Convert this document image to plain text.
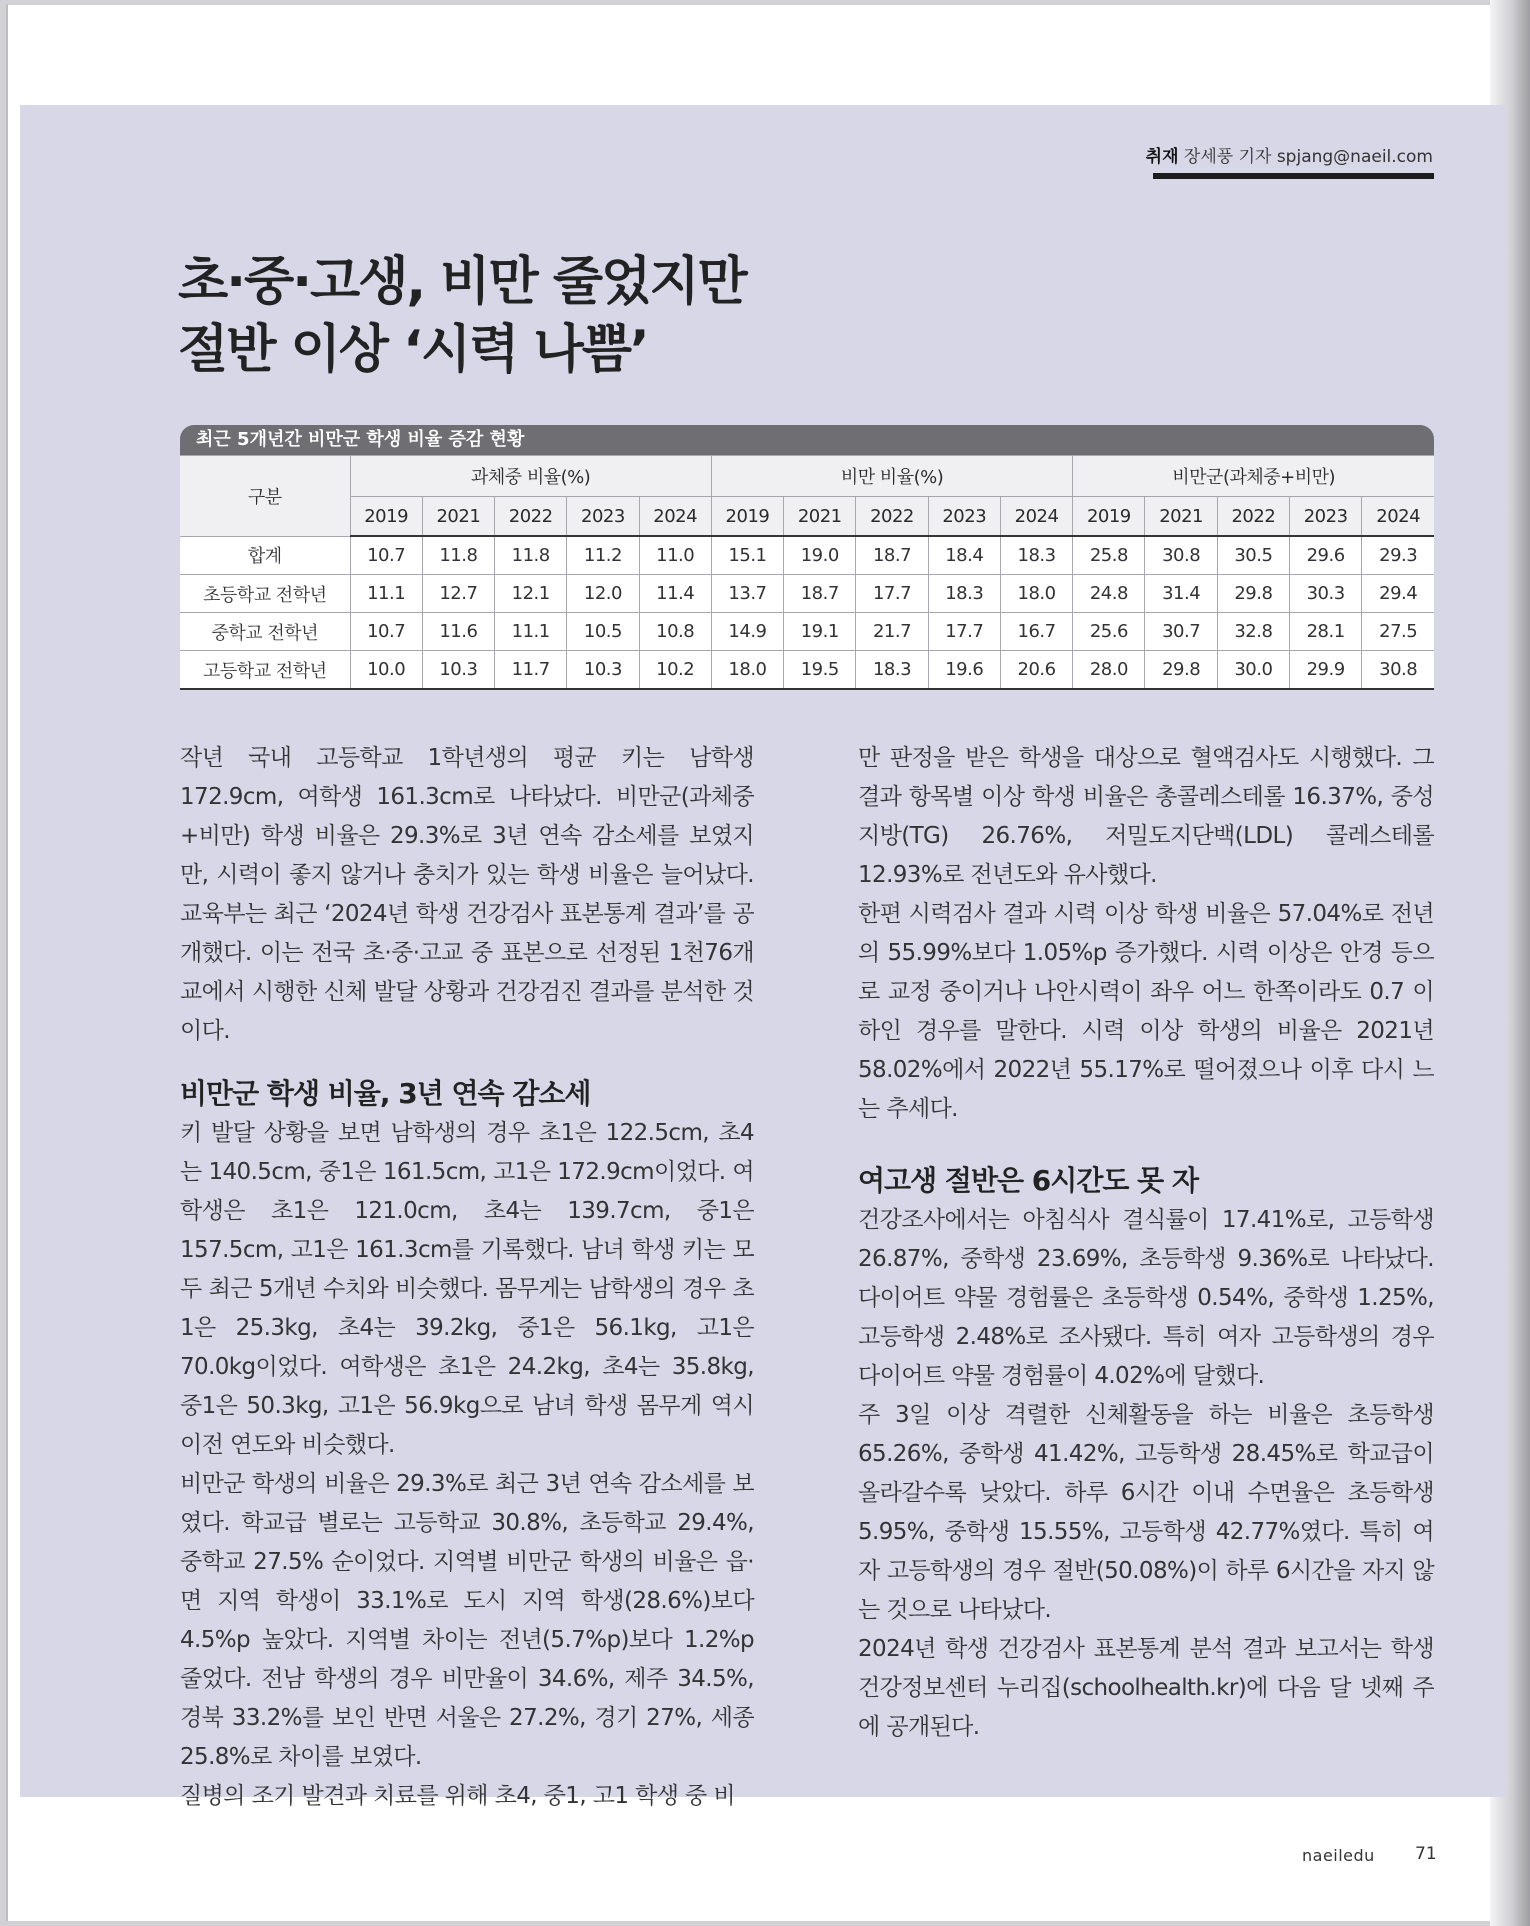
취재 장세풍 기자 spjang@naeil.com
초·중·고생, 비만 줄었지만
절반 이상 ‘시력 나쁨’
최근 5개년간 비만군 학생 비율 증감 현황
구분	과체중 비율(%)					비만 비율(%)					비만군(과체중+비만)				
	2019	2021	2022	2023	2024	2019	2021	2022	2023	2024	2019	2021	2022	2023	2024
합계	10.7	11.8	11.8	11.2	11.0	15.1	19.0	18.7	18.4	18.3	25.8	30.8	30.5	29.6	29.3
초등학교 전학년	11.1	12.7	12.1	12.0	11.4	13.7	18.7	17.7	18.3	18.0	24.8	31.4	29.8	30.3	29.4
중학교 전학년	10.7	11.6	11.1	10.5	10.8	14.9	19.1	21.7	17.7	16.7	25.6	30.7	32.8	28.1	27.5
고등학교 전학년	10.0	10.3	11.7	10.3	10.2	18.0	19.5	18.3	19.6	20.6	28.0	29.8	30.0	29.9	30.8

작년 국내 고등학교 1학년생의 평균 키는 남학생 172.9cm, 여학생 161.3cm로 나타났다. 비만군(과체중+비만) 학생 비율은 29.3%로 3년 연속 감소세를 보였지만, 시력이 좋지 않거나 충치가 있는 학생 비율은 늘어났다. 교육부는 최근 ‘2024년 학생 건강검사 표본통계 결과’를 공개했다. 이는 전국 초·중·고교 중 표본으로 선정된 1천76개교에서 시행한 신체 발달 상황과 건강검진 결과를 분석한 것이다.

비만군 학생 비율, 3년 연속 감소세

키 발달 상황을 보면 남학생의 경우 초1은 122.5cm, 초4는 140.5cm, 중1은 161.5cm, 고1은 172.9cm이었다. 여학생은 초1은 121.0cm, 초4는 139.7cm, 중1은 157.5cm, 고1은 161.3cm를 기록했다. 남녀 학생 키는 모두 최근 5개년 수치와 비슷했다. 몸무게는 남학생의 경우 초1은 25.3kg, 초4는 39.2kg, 중1은 56.1kg, 고1은 70.0kg이었다. 여학생은 초1은 24.2kg, 초4는 35.8kg, 중1은 50.3kg, 고1은 56.9kg으로 남녀 학생 몸무게 역시 이전 연도와 비슷했다.

비만군 학생의 비율은 29.3%로 최근 3년 연속 감소세를 보였다. 학교급 별로는 고등학교 30.8%, 초등학교 29.4%, 중학교 27.5% 순이었다. 지역별 비만군 학생의 비율은 읍·면 지역 학생이 33.1%로 도시 지역 학생(28.6%)보다 4.5%p 높았다. 지역별 차이는 전년(5.7%p)보다 1.2%p 줄었다. 전남 학생의 경우 비만율이 34.6%, 제주 34.5%, 경북 33.2%를 보인 반면 서울은 27.2%, 경기 27%, 세종 25.8%로 차이를 보였다.

질병의 조기 발견과 치료를 위해 초4, 중1, 고1 학생 중 비

만 판정을 받은 학생을 대상으로 혈액검사도 시행했다. 그 결과 항목별 이상 학생 비율은 총콜레스테롤 16.37%, 중성지방(TG) 26.76%, 저밀도지단백(LDL) 콜레스테롤 12.93%로 전년도와 유사했다.

한편 시력검사 결과 시력 이상 학생 비율은 57.04%로 전년의 55.99%보다 1.05%p 증가했다. 시력 이상은 안경 등으로 교정 중이거나 나안시력이 좌우 어느 한쪽이라도 0.7 이하인 경우를 말한다. 시력 이상 학생의 비율은 2021년 58.02%에서 2022년 55.17%로 떨어졌으나 이후 다시 느는 추세다.

여고생 절반은 6시간도 못 자

건강조사에서는 아침식사 결식률이 17.41%로, 고등학생 26.87%, 중학생 23.69%, 초등학생 9.36%로 나타났다. 다이어트 약물 경험률은 초등학생 0.54%, 중학생 1.25%, 고등학생 2.48%로 조사됐다. 특히 여자 고등학생의 경우 다이어트 약물 경험률이 4.02%에 달했다.

주 3일 이상 격렬한 신체활동을 하는 비율은 초등학생 65.26%, 중학생 41.42%, 고등학생 28.45%로 학교급이 올라갈수록 낮았다. 하루 6시간 이내 수면율은 초등학생 5.95%, 중학생 15.55%, 고등학생 42.77%였다. 특히 여자 고등학생의 경우 절반(50.08%)이 하루 6시간을 자지 않는 것으로 나타났다.

2024년 학생 건강검사 표본통계 분석 결과 보고서는 학생 건강정보센터 누리집(schoolhealth.kr)에 다음 달 넷째 주에 공개된다.

naeiledu 71
